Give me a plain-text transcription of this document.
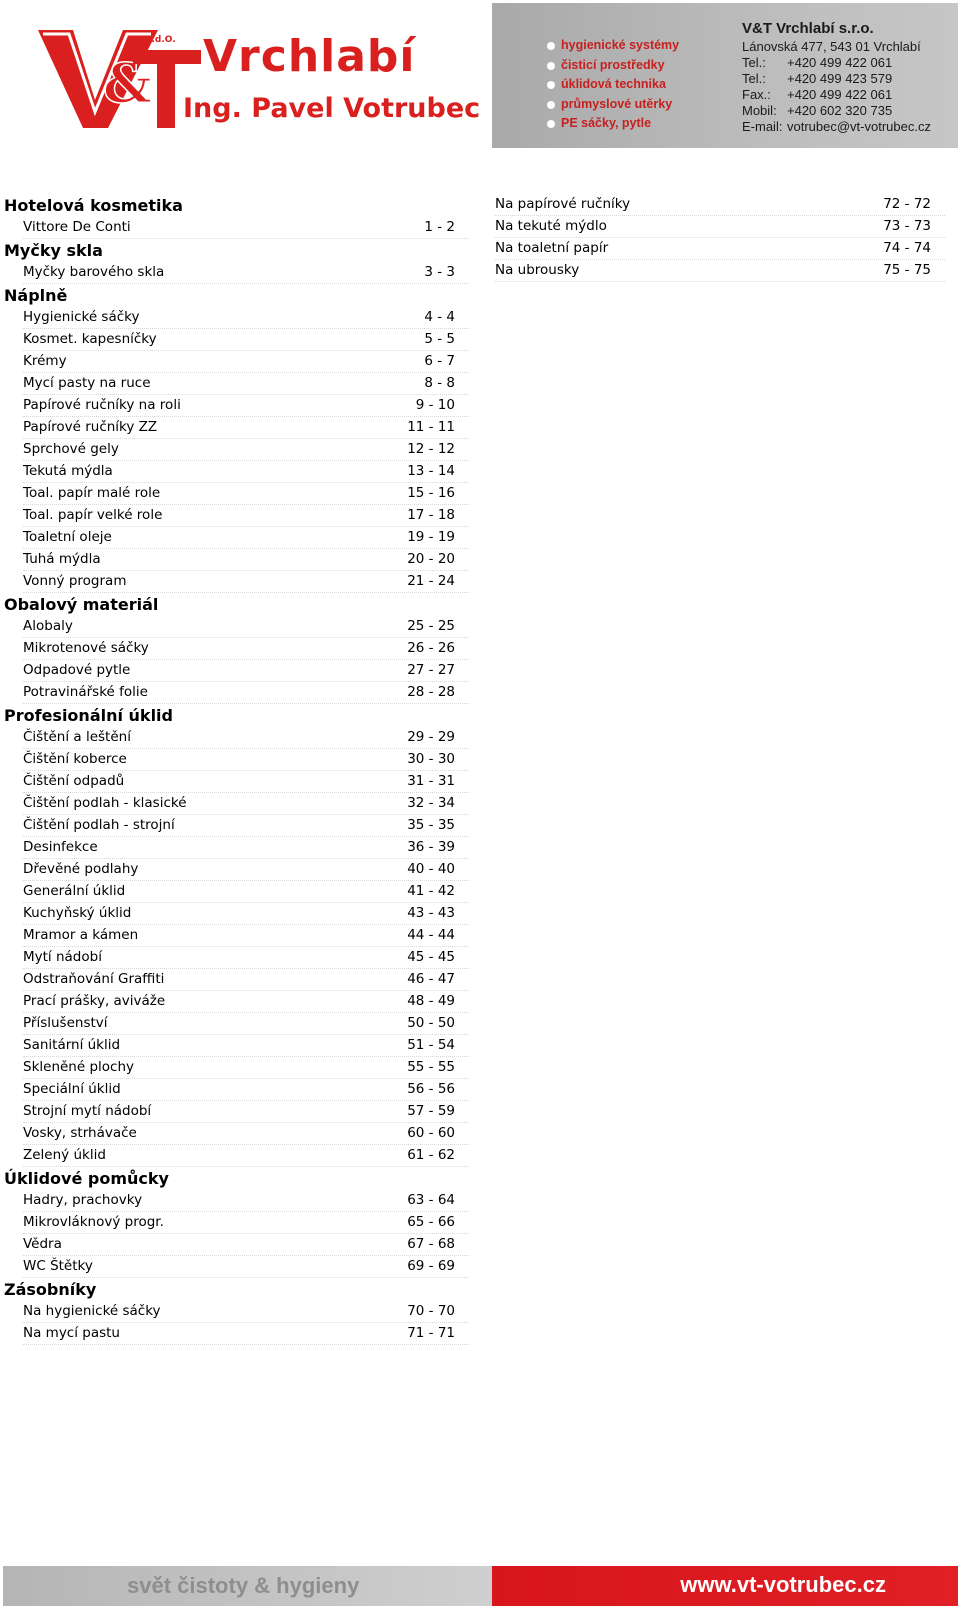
&
S.d.O. Vrchlabí
Ing. Pavel Votrubec
hygienické systémy
čisticí prostředky
úklidová technika
průmyslové utěrky
PE sáčky, pytle
V&T Vrchlabí s.r.o.
Lánovská 477, 543 01 Vrchlabí
Tel.: +420 499 422 061
Tel.: +420 499 423 579
Fax.: +420 499 422 061
Mobil: +420 602 320 735
E-mail: votrubec@vt-votrubec.cz
Hotelová kosmetika
Vittore De Conti	1 - 2
Myčky skla
Myčky barového skla	3 - 3
Náplně
Hygienické sáčky	4 - 4
Kosmet. kapesníčky	5 - 5
Krémy	6 - 7
Mycí pasty na ruce	8 - 8
Papírové ručníky na roli	9 - 10
Papírové ručníky ZZ	11 - 11
Sprchové gely	12 - 12
Tekutá mýdla	13 - 14
Toal. papír malé role	15 - 16
Toal. papír velké role	17 - 18
Toaletní oleje	19 - 19
Tuhá mýdla	20 - 20
Vonný program	21 - 24
Obalový materiál
Alobaly	25 - 25
Mikrotenové sáčky	26 - 26
Odpadové pytle	27 - 27
Potravinářské folie	28 - 28
Profesionální úklid
Čištění a leštění	29 - 29
Čištění koberce	30 - 30
Čištění odpadů	31 - 31
Čištění podlah - klasické	32 - 34
Čištění podlah - strojní	35 - 35
Desinfekce	36 - 39
Dřevěné podlahy	40 - 40
Generální úklid	41 - 42
Kuchyňský úklid	43 - 43
Mramor a kámen	44 - 44
Mytí nádobí	45 - 45
Odstraňování Graffiti	46 - 47
Prací prášky, aviváže	48 - 49
Příslušenství	50 - 50
Sanitární úklid	51 - 54
Skleněné plochy	55 - 55
Speciální úklid	56 - 56
Strojní mytí nádobí	57 - 59
Vosky, strhávače	60 - 60
Zelený úklid	61 - 62
Úklidové pomůcky
Hadry, prachovky	63 - 64
Mikrovláknový progr.	65 - 66
Vědra	67 - 68
WC Štětky	69 - 69
Zásobníky
Na hygienické sáčky	70 - 70
Na mycí pastu	71 - 71
Na papírové ručníky	72 - 72
Na tekuté mýdlo	73 - 73
Na toaletní papír	74 - 74
Na ubrousky	75 - 75
svět čistoty & hygieny	www.vt-votrubec.cz
